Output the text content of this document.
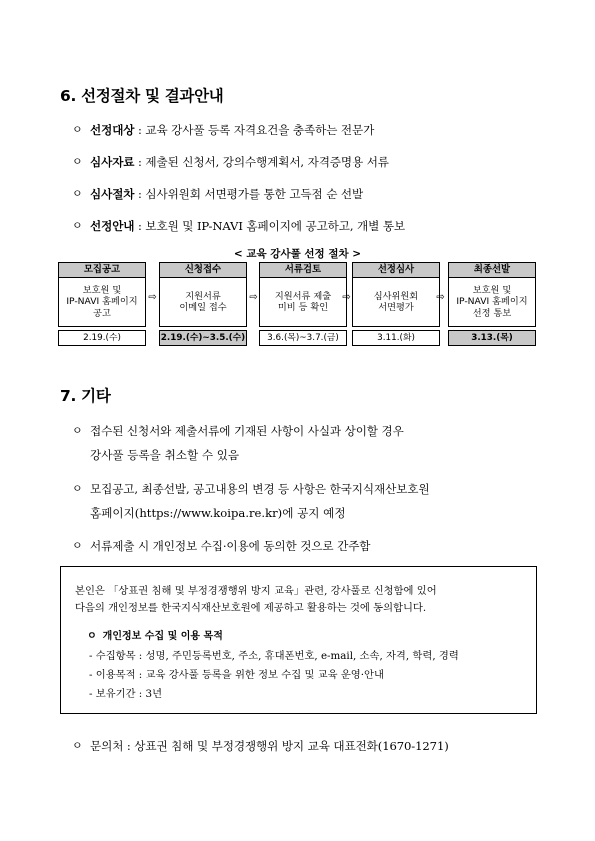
6. 선정절차 및 결과안내
ㅇ 선정대상 : 교육 강사풀 등록 자격요건을 충족하는 전문가
ㅇ 심사자료 : 제출된 신청서, 강의수행계획서, 자격증명용 서류
ㅇ 심사절차 : 심사위원회 서면평가를 통한 고득점 순 선발
ㅇ 선정안내 : 보호원 및 IP-NAVI 홈페이지에 공고하고, 개별 통보
< 교육 강사풀 선정 절차 >
모집공고
보호원 및
IP-NAVI 홈페이지
공고
2.19.(수)
⇨
신청접수
지원서류
이메일 접수
2.19.(수)~3.5.(수)
⇨
서류검토
지원서류 제출
미비 등 확인
3.6.(목)~3.7.(금)
⇨
선정심사
심사위원회
서면평가
3.11.(화)
⇨
최종선발
보호원 및
IP-NAVI 홈페이지
선정 통보
3.13.(목)
7. 기타
ㅇ 접수된 신청서와 제출서류에 기재된 사항이 사실과 상이할 경우
강사풀 등록을 취소할 수 있음
ㅇ 모집공고, 최종선발, 공고내용의 변경 등 사항은 한국지식재산보호원
홈페이지(https://www.koipa.re.kr)에 공지 예정
ㅇ 서류제출 시 개인정보 수집·이용에 동의한 것으로 간주함
본인은 「상표권 침해 및 부정경쟁행위 방지 교육」관련, 강사풀로 신청함에 있어
다음의 개인정보를 한국지식재산보호원에 제공하고 활용하는 것에 동의합니다.
ㅇ 개인정보 수집 및 이용 목적
- 수집항목 : 성명, 주민등록번호, 주소, 휴대폰번호, e-mail, 소속, 자격, 학력, 경력
- 이용목적 : 교육 강사풀 등록을 위한 정보 수집 및 교육 운영·안내
- 보유기간 : 3년
ㅇ 문의처 : 상표권 침해 및 부정경쟁행위 방지 교육 대표전화(1670-1271)
